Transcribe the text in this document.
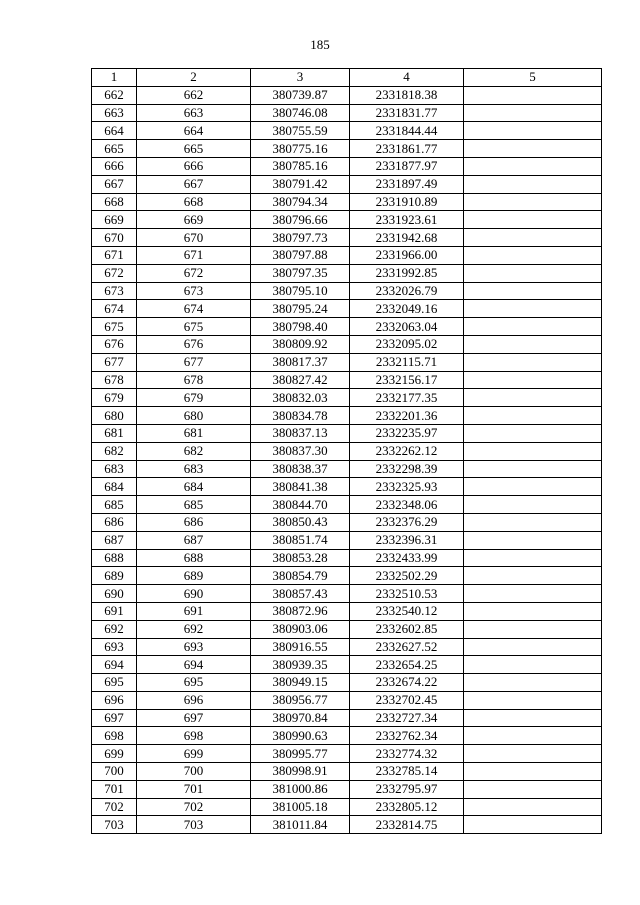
185
1	2	3	4	5
662	662	380739.87	2331818.38	
663	663	380746.08	2331831.77	
664	664	380755.59	2331844.44	
665	665	380775.16	2331861.77	
666	666	380785.16	2331877.97	
667	667	380791.42	2331897.49	
668	668	380794.34	2331910.89	
669	669	380796.66	2331923.61	
670	670	380797.73	2331942.68	
671	671	380797.88	2331966.00	
672	672	380797.35	2331992.85	
673	673	380795.10	2332026.79	
674	674	380795.24	2332049.16	
675	675	380798.40	2332063.04	
676	676	380809.92	2332095.02	
677	677	380817.37	2332115.71	
678	678	380827.42	2332156.17	
679	679	380832.03	2332177.35	
680	680	380834.78	2332201.36	
681	681	380837.13	2332235.97	
682	682	380837.30	2332262.12	
683	683	380838.37	2332298.39	
684	684	380841.38	2332325.93	
685	685	380844.70	2332348.06	
686	686	380850.43	2332376.29	
687	687	380851.74	2332396.31	
688	688	380853.28	2332433.99	
689	689	380854.79	2332502.29	
690	690	380857.43	2332510.53	
691	691	380872.96	2332540.12	
692	692	380903.06	2332602.85	
693	693	380916.55	2332627.52	
694	694	380939.35	2332654.25	
695	695	380949.15	2332674.22	
696	696	380956.77	2332702.45	
697	697	380970.84	2332727.34	
698	698	380990.63	2332762.34	
699	699	380995.77	2332774.32	
700	700	380998.91	2332785.14	
701	701	381000.86	2332795.97	
702	702	381005.18	2332805.12	
703	703	381011.84	2332814.75	
